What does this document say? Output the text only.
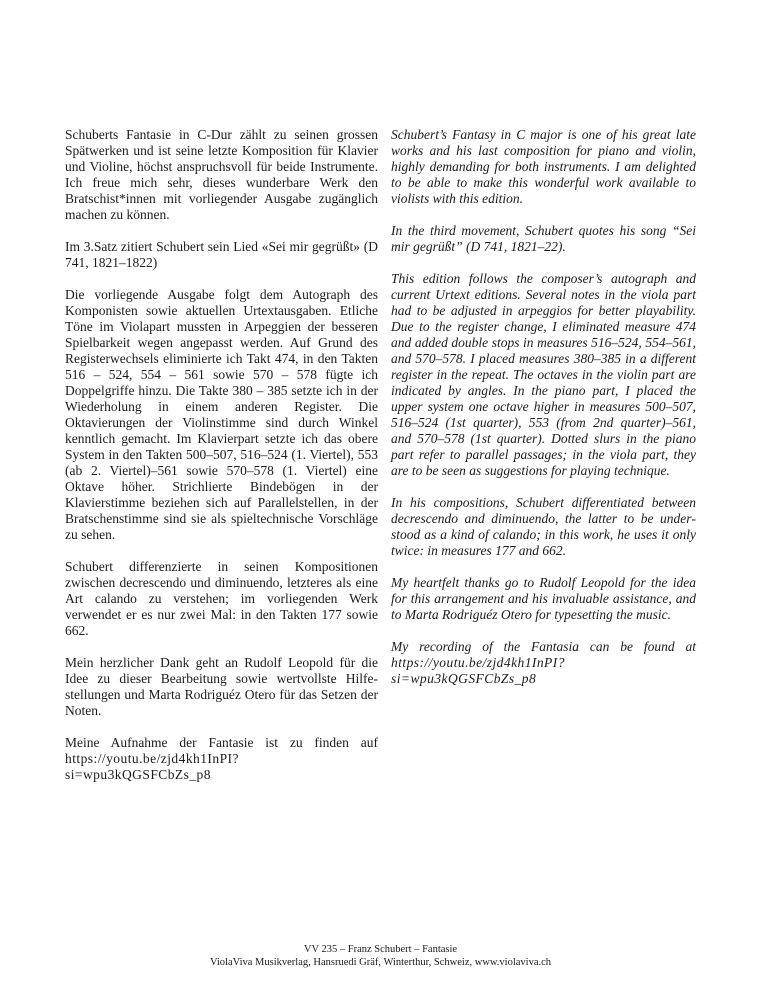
Schuberts Fantasie in C-Dur zählt zu seinen grossen Spätwerken und ist seine letzte Komposition für Klavier und Violine, höchst anspruchsvoll für beide Instrumente. Ich freue mich sehr, dieses wunderbare Werk den Bratschist*innen mit vorliegender Ausgabe zugänglich machen zu können.

Im 3.Satz zitiert Schubert sein Lied «Sei mir gegrüßt» (D 741, 1821–1822)

Die vorliegende Ausgabe folgt dem Autograph des Komponisten sowie aktuellen Urtextausgaben. Etliche Töne im Violapart mussten in Arpeggien der besseren Spielbarkeit wegen angepasst werden. Auf Grund des Registerwechsels eliminierte ich Takt 474, in den Takten 516 – 524, 554 – 561 sowie 570 – 578 fügte ich Doppelgriffe hinzu. Die Takte 380 – 385 setzte ich in der Wiederholung in einem anderen Register. Die Oktavierungen der Violinstimme sind durch Winkel kenntlich gemacht. Im Klavierpart setzte ich das obere System in den Takten 500–507, 516–524 (1. Viertel), 553 (ab 2. Viertel)–561 sowie 570–578 (1. Viertel) eine Oktave höher. Strichlierte Bindebögen in der Klavierstimme beziehen sich auf Parallelstellen, in der Bratschenstimme sind sie als spieltechnische Vorschläge zu sehen.

Schubert differenzierte in seinen Kompositionen zwischen decrescendo und diminuendo, letzteres als eine Art calando zu verstehen; im vorliegenden Werk verwendet er es nur zwei Mal: in den Takten 177 sowie 662.

Mein herzlicher Dank geht an Rudolf Leopold für die Idee zu dieser Bearbeitung sowie wertvollste Hilfestellungen und Marta Rodriguéz Otero für das Setzen der Noten.

Meine Aufnahme der Fantasie ist zu finden auf https://youtu.be/zjd4kh1InPI?si=wpu3kQGSFCbZs_p8

Schubert’s Fantasy in C major is one of his great late works and his last composition for piano and violin, highly demanding for both instruments. I am delighted to be able to make this wonderful work available to violists with this edition.

In the third movement, Schubert quotes his song “Sei mir gegrüßt” (D 741, 1821–22).

This edition follows the composer’s autograph and current Urtext editions. Several notes in the viola part had to be adjusted in arpeggios for better playability. Due to the register change, I eliminated measure 474 and added double stops in measures 516–524, 554–561, and 570–578. I placed measures 380–385 in a different register in the repeat. The octaves in the violin part are indicated by angles. In the piano part, I placed the upper system one octave higher in measures 500–507, 516–524 (1st quarter), 553 (from 2nd quarter)–561, and 570–578 (1st quarter). Dotted slurs in the piano part refer to parallel passages; in the viola part, they are to be seen as suggestions for playing technique.

In his compositions, Schubert differentiated between decrescendo and diminuendo, the latter to be understood as a kind of calando; in this work, he uses it only twice: in measures 177 and 662.

My heartfelt thanks go to Rudolf Leopold for the idea for this arrangement and his invaluable assistance, and to Marta Rodriguéz Otero for typesetting the music.

My recording of the Fantasia can be found at https://youtu.be/zjd4kh1InPI?si=wpu3kQGSFCbZs_p8

VV 235 – Franz Schubert – Fantasie
ViolaViva Musikverlag, Hansruedi Gräf, Winterthur, Schweiz, www.violaviva.ch
